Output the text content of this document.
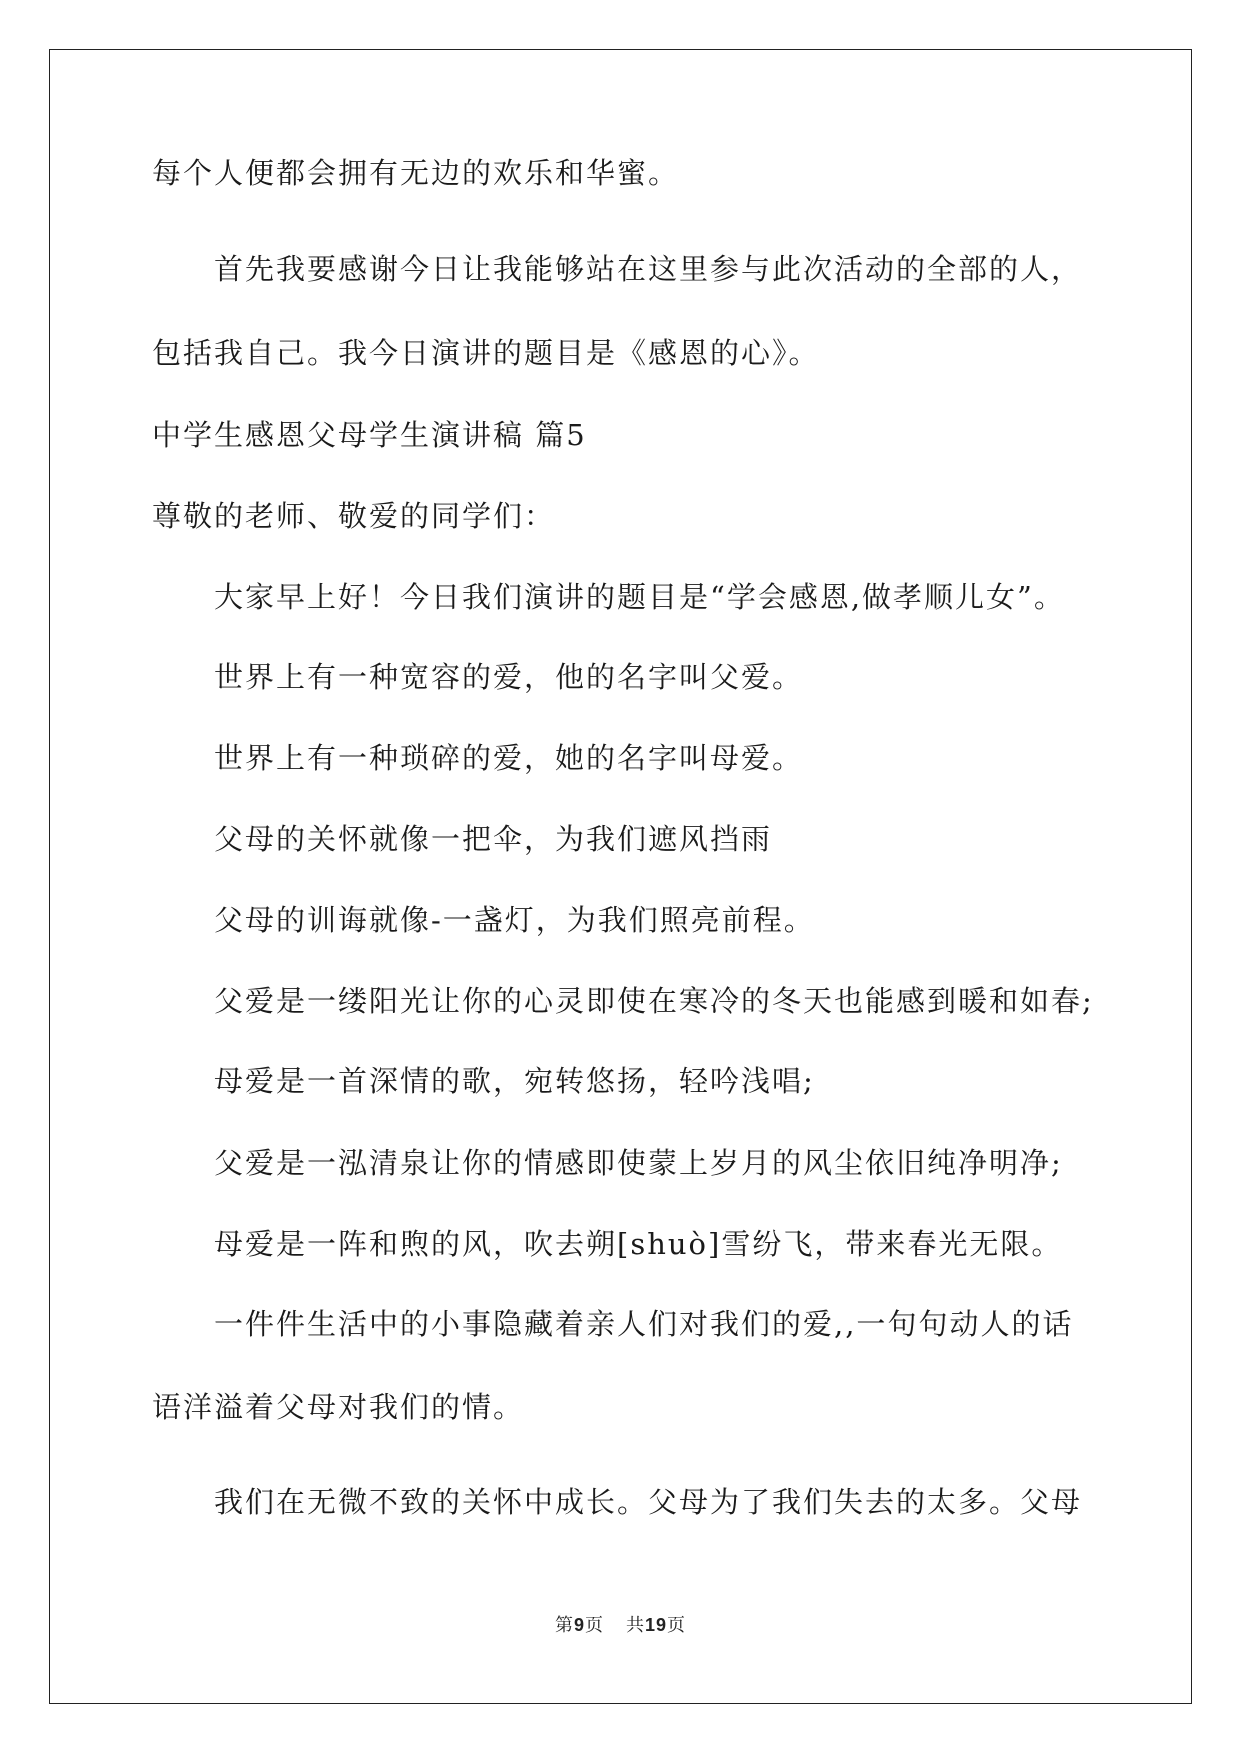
每个人便都会拥有无边的欢乐和华蜜。
首先我要感谢今日让我能够站在这里参与此次活动的全部的人，
包括我自己。我今日演讲的题目是《感恩的心》。
中学生感恩父母学生演讲稿 篇5
尊敬的老师、敬爱的同学们：
大家早上好！今日我们演讲的题目是“学会感恩,做孝顺儿女”。
世界上有一种宽容的爱，他的名字叫父爱。
世界上有一种琐碎的爱，她的名字叫母爱。
父母的关怀就像一把伞，为我们遮风挡雨
父母的训诲就像-一盏灯，为我们照亮前程。
父爱是一缕阳光让你的心灵即使在寒冷的冬天也能感到暖和如春;
母爱是一首深情的歌，宛转悠扬，轻吟浅唱;
父爱是一泓清泉让你的情感即使蒙上岁月的风尘依旧纯净明净;
母爱是一阵和煦的风，吹去朔[shuò]雪纷飞，带来春光无限。
一件件生活中的小事隐藏着亲人们对我们的爱,,一句句动人的话
语洋溢着父母对我们的情。
我们在无微不致的关怀中成长。父母为了我们失去的太多。父母
第9页 共19页
